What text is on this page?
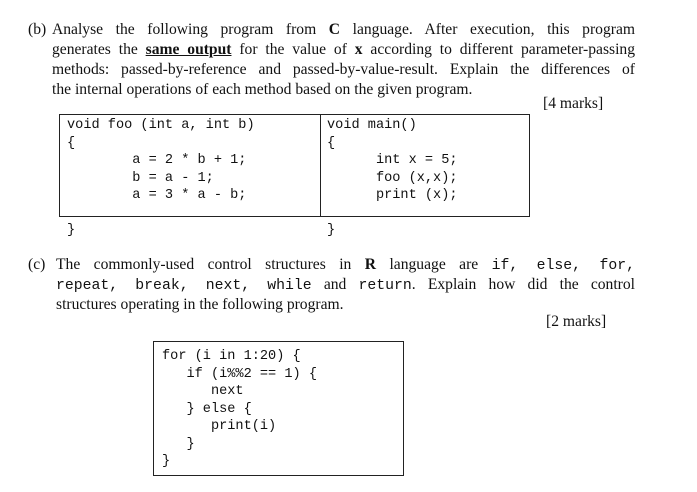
(b) Analyse the following program from C language. After execution, this program
generates the same output for the value of x according to different parameter-passing
methods: passed-by-reference and passed-by-value-result. Explain the differences of
the internal operations of each method based on the given program.
[4 marks]
void foo (int a, int b)
{
a = 2 * b + 1;
b = a - 1;
a = 3 * a - b;

}
void main()
{
int x = 5;
foo (x,x);
print (x);

}
(c) The commonly-used control structures in R language are if, else, for,
repeat, break, next, while and return. Explain how did the control
structures operating in the following program.
[2 marks]
for (i in 1:20) {
if (i%%2 == 1) {
next
} else {
print(i)
}
}
